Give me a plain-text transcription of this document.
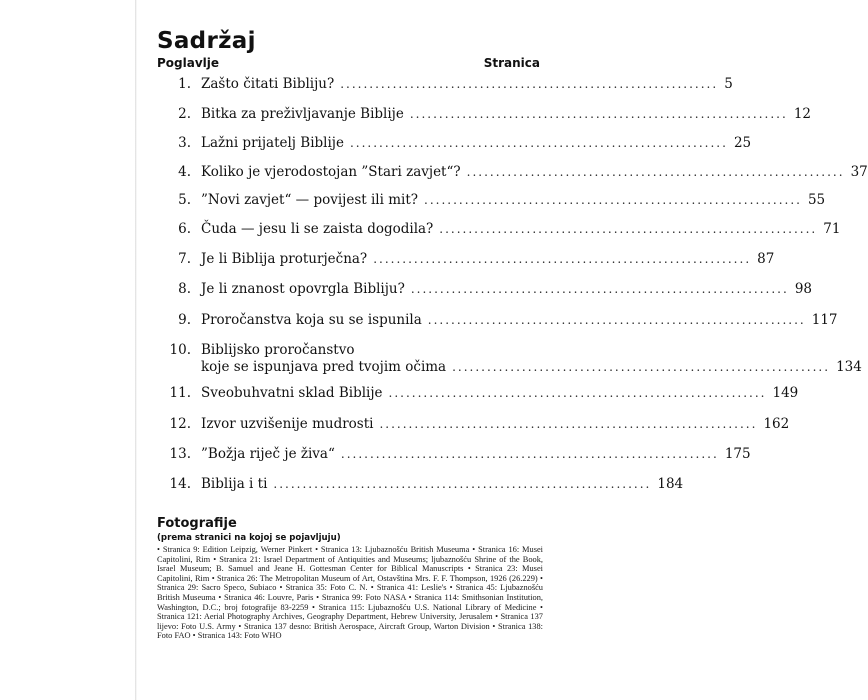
Sadržaj
Poglavlje	Stranica
1. Zašto čitati Bibliju? ................................................................. 5
2. Bitka za preživljavanje Biblije ................................................................. 12
3. Lažni prijatelj Biblije ................................................................. 25
4. Koliko je vjerodostojan ”Stari zavjet“? ................................................................. 37
5. ”Novi zavjet“ — povijest ili mit? ................................................................. 55
6. Čuda — jesu li se zaista dogodila? ................................................................. 71
7. Je li Biblija proturječna? ................................................................. 87
8. Je li znanost opovrgla Bibliju? ................................................................. 98
9. Proročanstva koja su se ispunila ................................................................. 117
10. Biblijsko proročanstvo
koje se ispunjava pred tvojim očima ................................................................. 134
11. Sveobuhvatni sklad Biblije ................................................................. 149
12. Izvor uzvišenije mudrosti ................................................................. 162
13. ”Božja riječ je živa“ ................................................................. 175
14. Biblija i ti ................................................................. 184
Fotografije
(prema stranici na kojoj se pojavljuju)
• Stranica 9: Edition Leipzig, Werner Pinkert • Stranica 13: Ljubaznošću British Museuma • Stranica 16: Musei Capitolini, Rim • Stranica 21: Israel Department of Antiquities and Museums; ljubaznošću Shrine of the Book, Israel Museum; B. Samuel and Jeane H. Gottesman Center for Biblical Manuscripts • Stranica 23: Musei Capitolini, Rim • Stranica 26: The Metropolitan Museum of Art, Ostavština Mrs. F. F. Thompson, 1926 (26.229) • Stranica 29: Sacro Speco, Subiaco • Stranica 35: Foto C. N. • Stranica 41: Leslie's • Stranica 45: Ljubaznošću British Museuma • Stranica 46: Louvre, Paris • Stranica 99: Foto NASA • Stranica 114: Smithsonian Institution, Washington, D.C.; broj fotografije 83-2259 • Stranica 115: Ljubaznošću U.S. National Library of Medicine • Stranica 121: Aerial Photography Archives, Geography Department, Hebrew University, Jerusalem • Stranica 137 lijevo: Foto U.S. Army • Stranica 137 desno: British Aerospace, Aircraft Group, Warton Division • Stranica 138: Foto FAO • Stranica 143: Foto WHO
